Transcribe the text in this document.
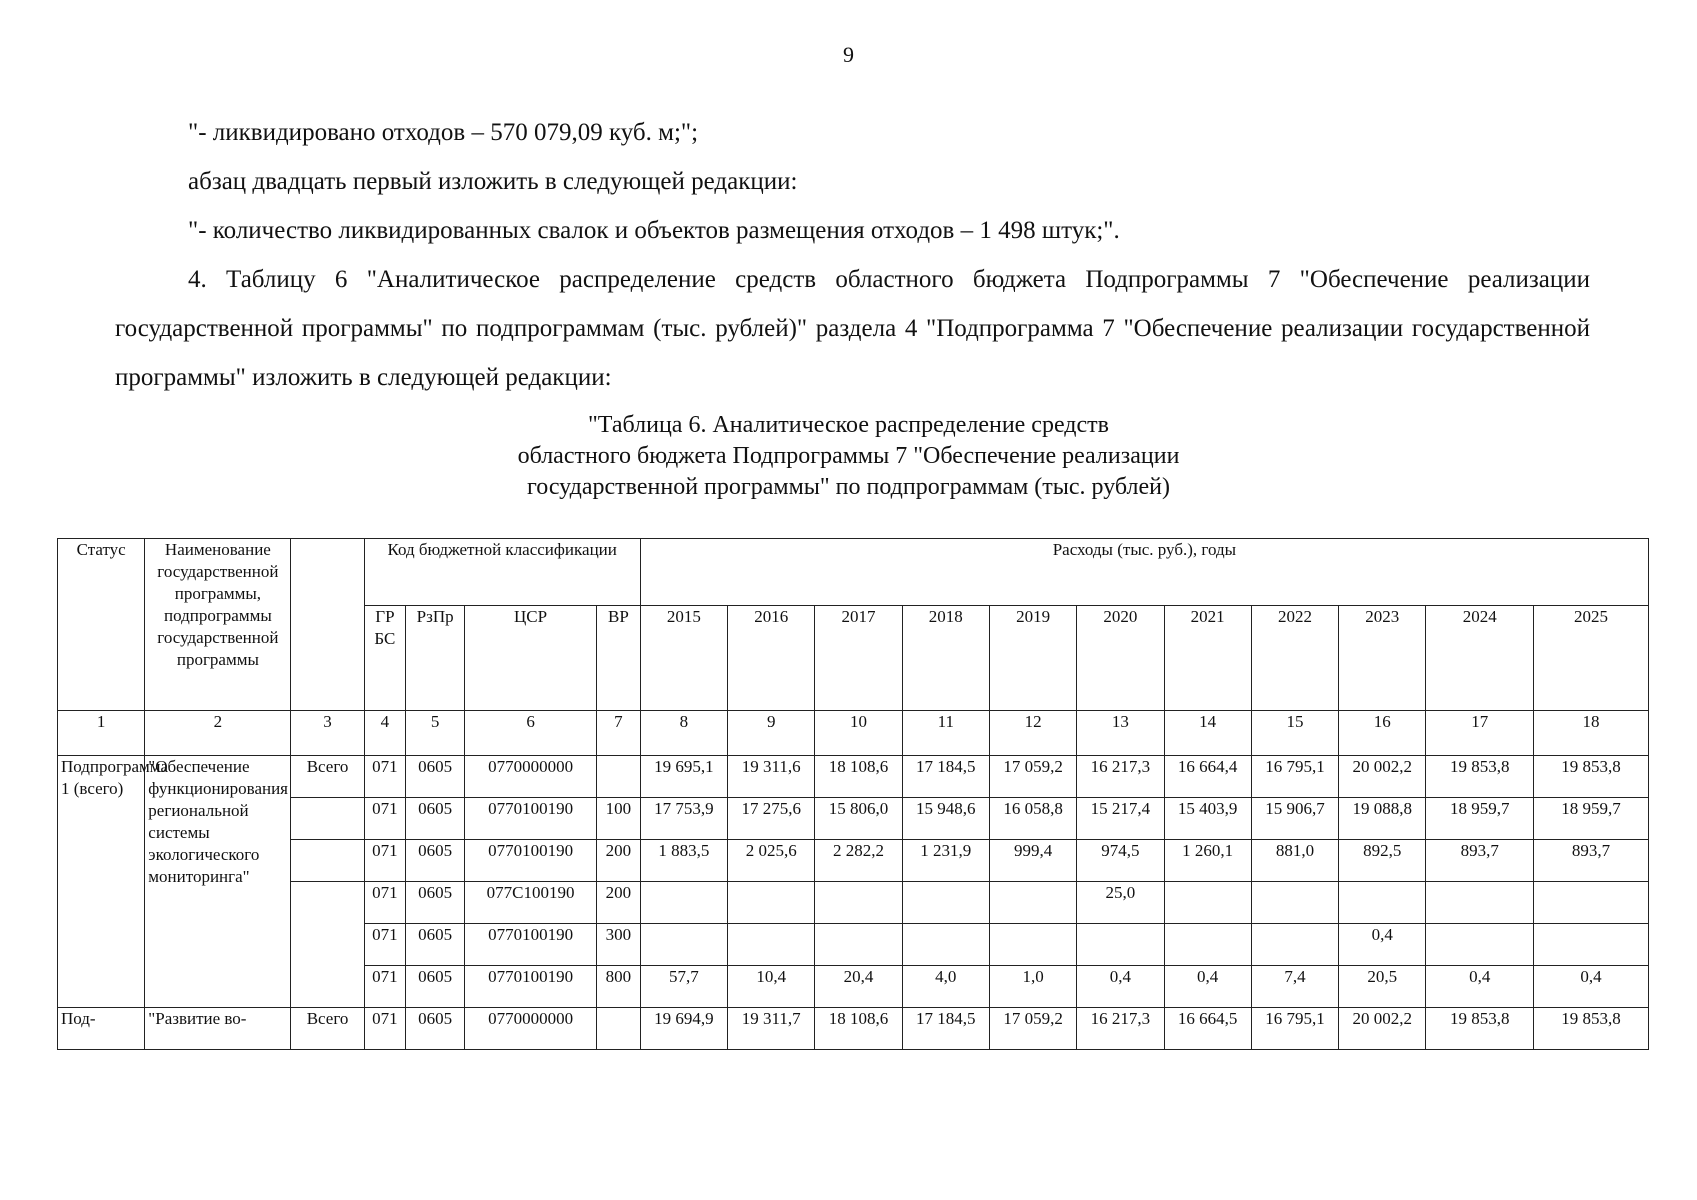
9

"- ликвидировано отходов – 570 079,09 куб. м;";

абзац двадцать первый изложить в следующей редакции:

"- количество ликвидированных свалок и объектов размещения отходов – 1 498 штук;".

4. Таблицу 6 "Аналитическое распределение средств областного бюджета Подпрограммы 7 "Обеспечение реализации государственной программы" по подпрограммам (тыс. рублей)" раздела 4 "Подпрограмма 7 "Обеспечение реализации государственной программы" изложить в следующей редакции:

"Таблица 6. Аналитическое распределение средств
областного бюджета Подпрограммы 7 "Обеспечение реализации
государственной программы" по подпрограммам (тыс. рублей)
Статус	Наименование государственной программы, подпрограммы государственной программы		Код бюджетной классификации				Расходы (тыс. руб.), годы										
			ГР БС	РзПр	ЦСР	ВР	2015	2016	2017	2018	2019	2020	2021	2022	2023	2024	2025
1	2	3	4	5	6	7	8	9	10	11	12	13	14	15	16	17	18
Подпрограмма 1 (всего)	"Обеспечение функционирования региональной системы экологического мониторинга"	Всего	071	0605	0770000000		19 695,1	19 311,6	18 108,6	17 184,5	17 059,2	16 217,3	16 664,4	16 795,1	20 002,2	19 853,8	19 853,8
			071	0605	0770100190	100	17 753,9	17 275,6	15 806,0	15 948,6	16 058,8	15 217,4	15 403,9	15 906,7	19 088,8	18 959,7	18 959,7
			071	0605	0770100190	200	1 883,5	2 025,6	2 282,2	1 231,9	999,4	974,5	1 260,1	881,0	892,5	893,7	893,7
			071	0605	077С100190	200						25,0					
			071	0605	0770100190	300									0,4		
			071	0605	0770100190	800	57,7	10,4	20,4	4,0	1,0	0,4	0,4	7,4	20,5	0,4	0,4
Под-	"Развитие во-	Всего	071	0605	0770000000		19 694,9	19 311,7	18 108,6	17 184,5	17 059,2	16 217,3	16 664,5	16 795,1	20 002,2	19 853,8	19 853,8
